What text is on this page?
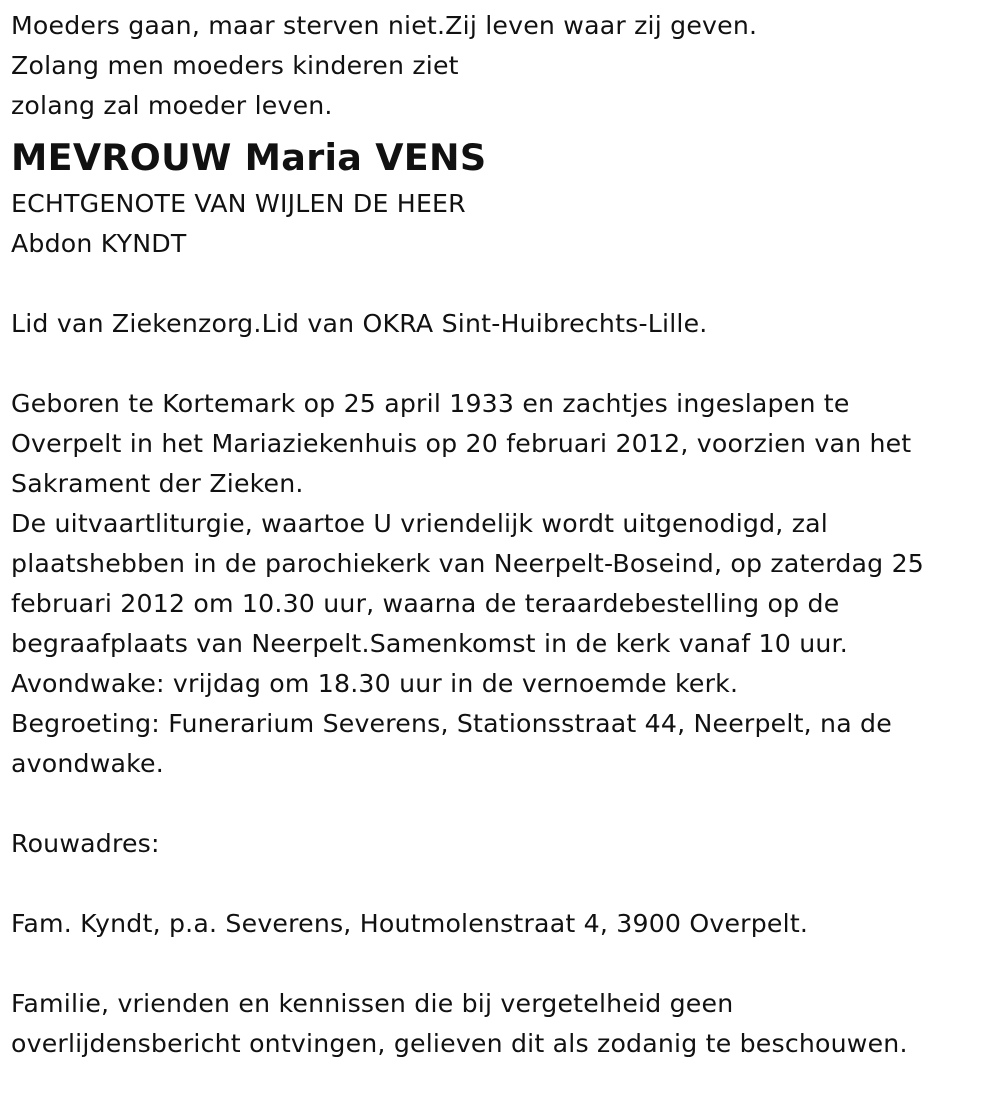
Moeders gaan, maar sterven niet.Zij leven waar zij geven.
Zolang men moeders kinderen ziet
zolang zal moeder leven.
MEVROUW Maria VENS
ECHTGENOTE VAN WIJLEN DE HEER
Abdon KYNDT
Lid van Ziekenzorg.Lid van OKRA Sint-Huibrechts-Lille.
Geboren te Kortemark op 25 april 1933 en zachtjes ingeslapen te
Overpelt in het Mariaziekenhuis op 20 februari 2012, voorzien van het
Sakrament der Zieken.
De uitvaartliturgie, waartoe U vriendelijk wordt uitgenodigd, zal
plaatshebben in de parochiekerk van Neerpelt-Boseind, op zaterdag 25
februari 2012 om 10.30 uur, waarna de teraardebestelling op de
begraafplaats van Neerpelt.Samenkomst in de kerk vanaf 10 uur.
Avondwake: vrijdag om 18.30 uur in de vernoemde kerk.
Begroeting: Funerarium Severens, Stationsstraat 44, Neerpelt, na de
avondwake.
Rouwadres:
Fam. Kyndt, p.a. Severens, Houtmolenstraat 4, 3900 Overpelt.
Familie, vrienden en kennissen die bij vergetelheid geen
overlijdensbericht ontvingen, gelieven dit als zodanig te beschouwen.
